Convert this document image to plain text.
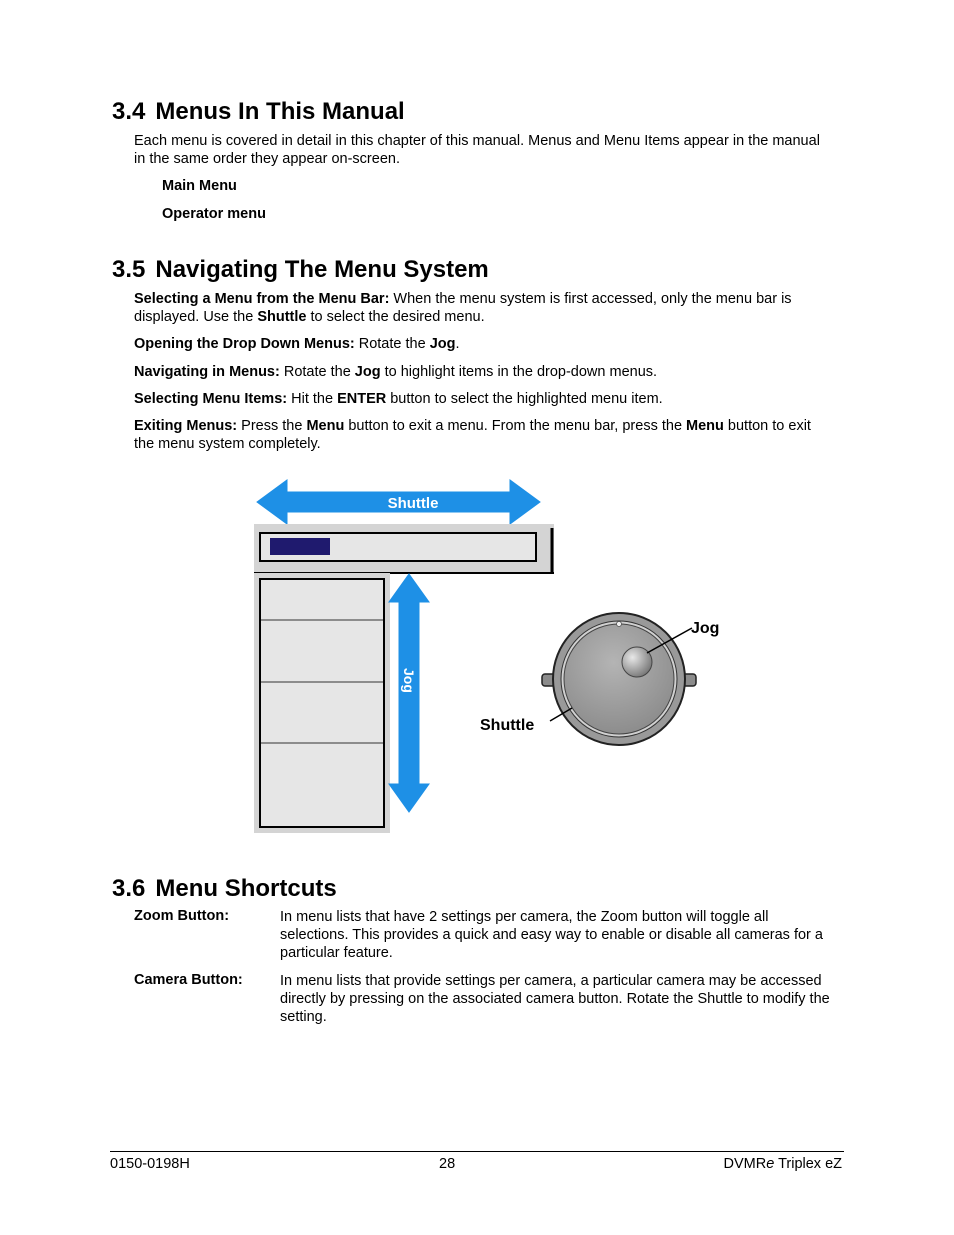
3.4 Menus In This Manual

Each menu is covered in detail in this chapter of this manual. Menus and Menu Items appear in the manual in the same order they appear on-screen.

Main Menu

Operator menu

3.5 Navigating The Menu System

Selecting a Menu from the Menu Bar: When the menu system is first accessed, only the menu bar is displayed. Use the Shuttle to select the desired menu.

Opening the Drop Down Menus: Rotate the Jog.

Navigating in Menus: Rotate the Jog to highlight items in the drop-down menus.

Selecting Menu Items: Hit the ENTER button to select the highlighted menu item.

Exiting Menus: Press the Menu button to exit a menu. From the menu bar, press the Menu button to exit the menu system completely.

Shuttle
Jog
Jog
Shuttle
3.6 Menu Shortcuts

Zoom Button:	In menu lists that have 2 settings per camera, the Zoom button will toggle all selections. This provides a quick and easy way to enable or disable all cameras for a particular feature.

Camera Button:	In menu lists that provide settings per camera, a particular camera may be accessed directly by pressing on the associated camera button. Rotate the Shuttle to modify the setting.

0150-0198H	28	DVMRe Triplex eZ
